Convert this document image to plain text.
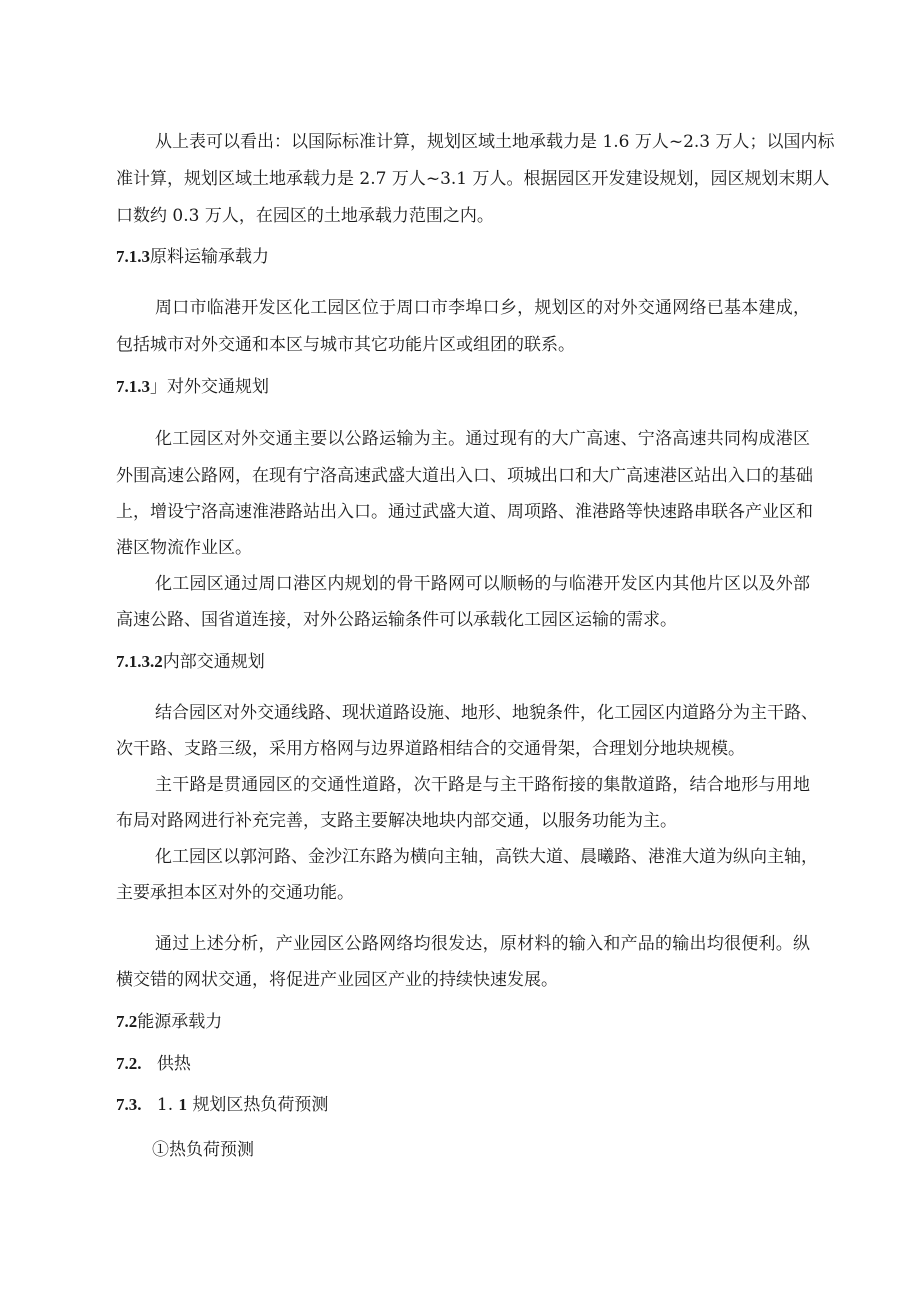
从上表可以看出：以国际标准计算，规划区域土地承载力是 1.6 万人~2.3 万人；以国内标
准计算，规划区域土地承载力是 2.7 万人~3.1 万人。根据园区开发建设规划，园区规划末期人
口数约 0.3 万人，在园区的土地承载力范围之内。
7.1.3原料运输承载力
周口市临港开发区化工园区位于周口市李埠口乡，规划区的对外交通网络已基本建成，
包括城市对外交通和本区与城市其它功能片区或组团的联系。
7.1.3」对外交通规划
化工园区对外交通主要以公路运输为主。通过现有的大广高速、宁洛高速共同构成港区
外围高速公路网，在现有宁洛高速武盛大道出入口、项城出口和大广高速港区站出入口的基础
上，增设宁洛高速淮港路站出入口。通过武盛大道、周项路、淮港路等快速路串联各产业区和
港区物流作业区。
化工园区通过周口港区内规划的骨干路网可以顺畅的与临港开发区内其他片区以及外部
高速公路、国省道连接，对外公路运输条件可以承载化工园区运输的需求。
7.1.3.2内部交通规划
结合园区对外交通线路、现状道路设施、地形、地貌条件，化工园区内道路分为主干路、
次干路、支路三级，采用方格网与边界道路相结合的交通骨架，合理划分地块规模。
主干路是贯通园区的交通性道路，次干路是与主干路衔接的集散道路，结合地形与用地
布局对路网进行补充完善，支路主要解决地块内部交通，以服务功能为主。
化工园区以郭河路、金沙江东路为横向主轴，高铁大道、晨曦路、港淮大道为纵向主轴，
主要承担本区对外的交通功能。
通过上述分析，产业园区公路网络均很发达，原材料的输入和产品的输出均很便利。纵
横交错的网状交通，将促进产业园区产业的持续快速发展。
7.2能源承载力
7.2. 供热
7.3. 1. 1 规划区热负荷预测
①热负荷预测
